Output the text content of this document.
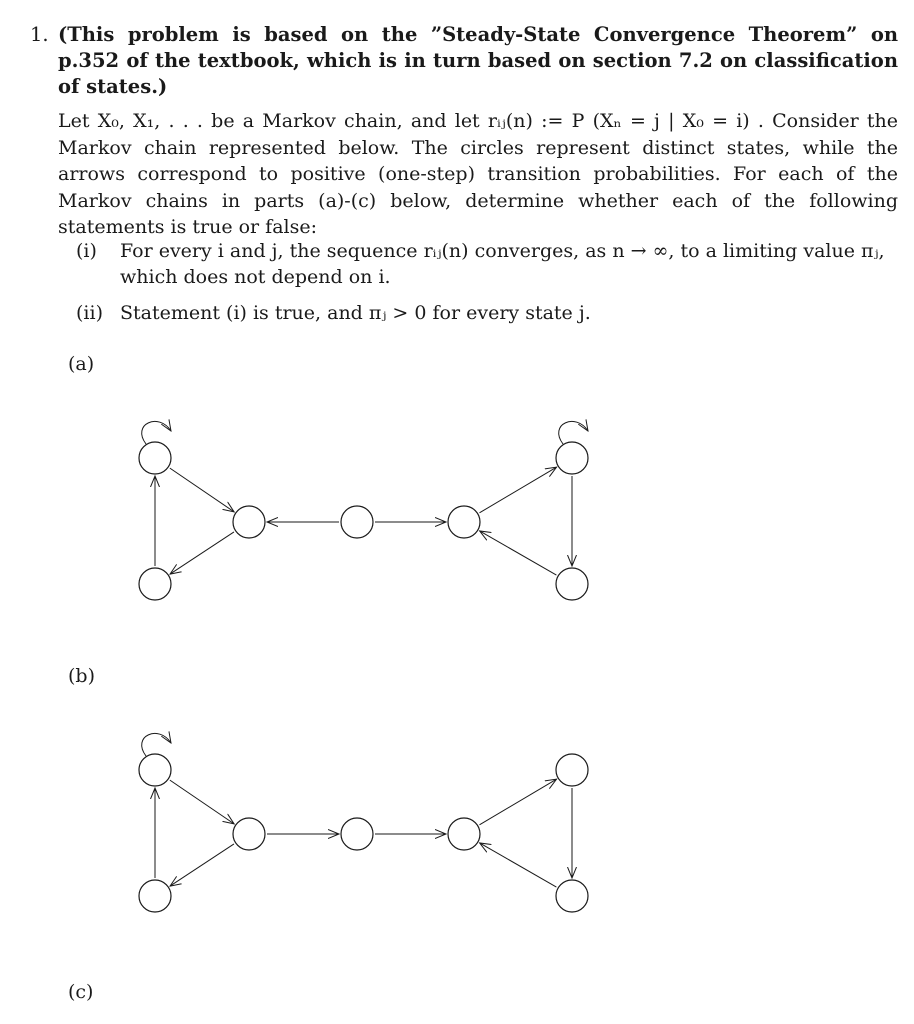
1. (This problem is based on the ”Steady-State Convergence Theorem” on p.352 of the textbook, which is in turn based on section 7.2 on classification of states.)
Let X₀, X₁, . . . be a Markov chain, and let rᵢⱼ(n) := P (Xₙ = j | X₀ = i) . Consider the Markov chain represented below. The circles represent distinct states, while the arrows correspond to positive (one-step) transition probabilities. For each of the Markov chains in parts (a)-(c) below, determine whether each of the following statements is true or false:
(i)	For every i and j, the sequence rᵢⱼ(n) converges, as n → ∞, to a limiting value πⱼ, which does not depend on i.
(ii) Statement (i) is true, and πⱼ > 0 for every state j.
(a)
(b)
(c)
